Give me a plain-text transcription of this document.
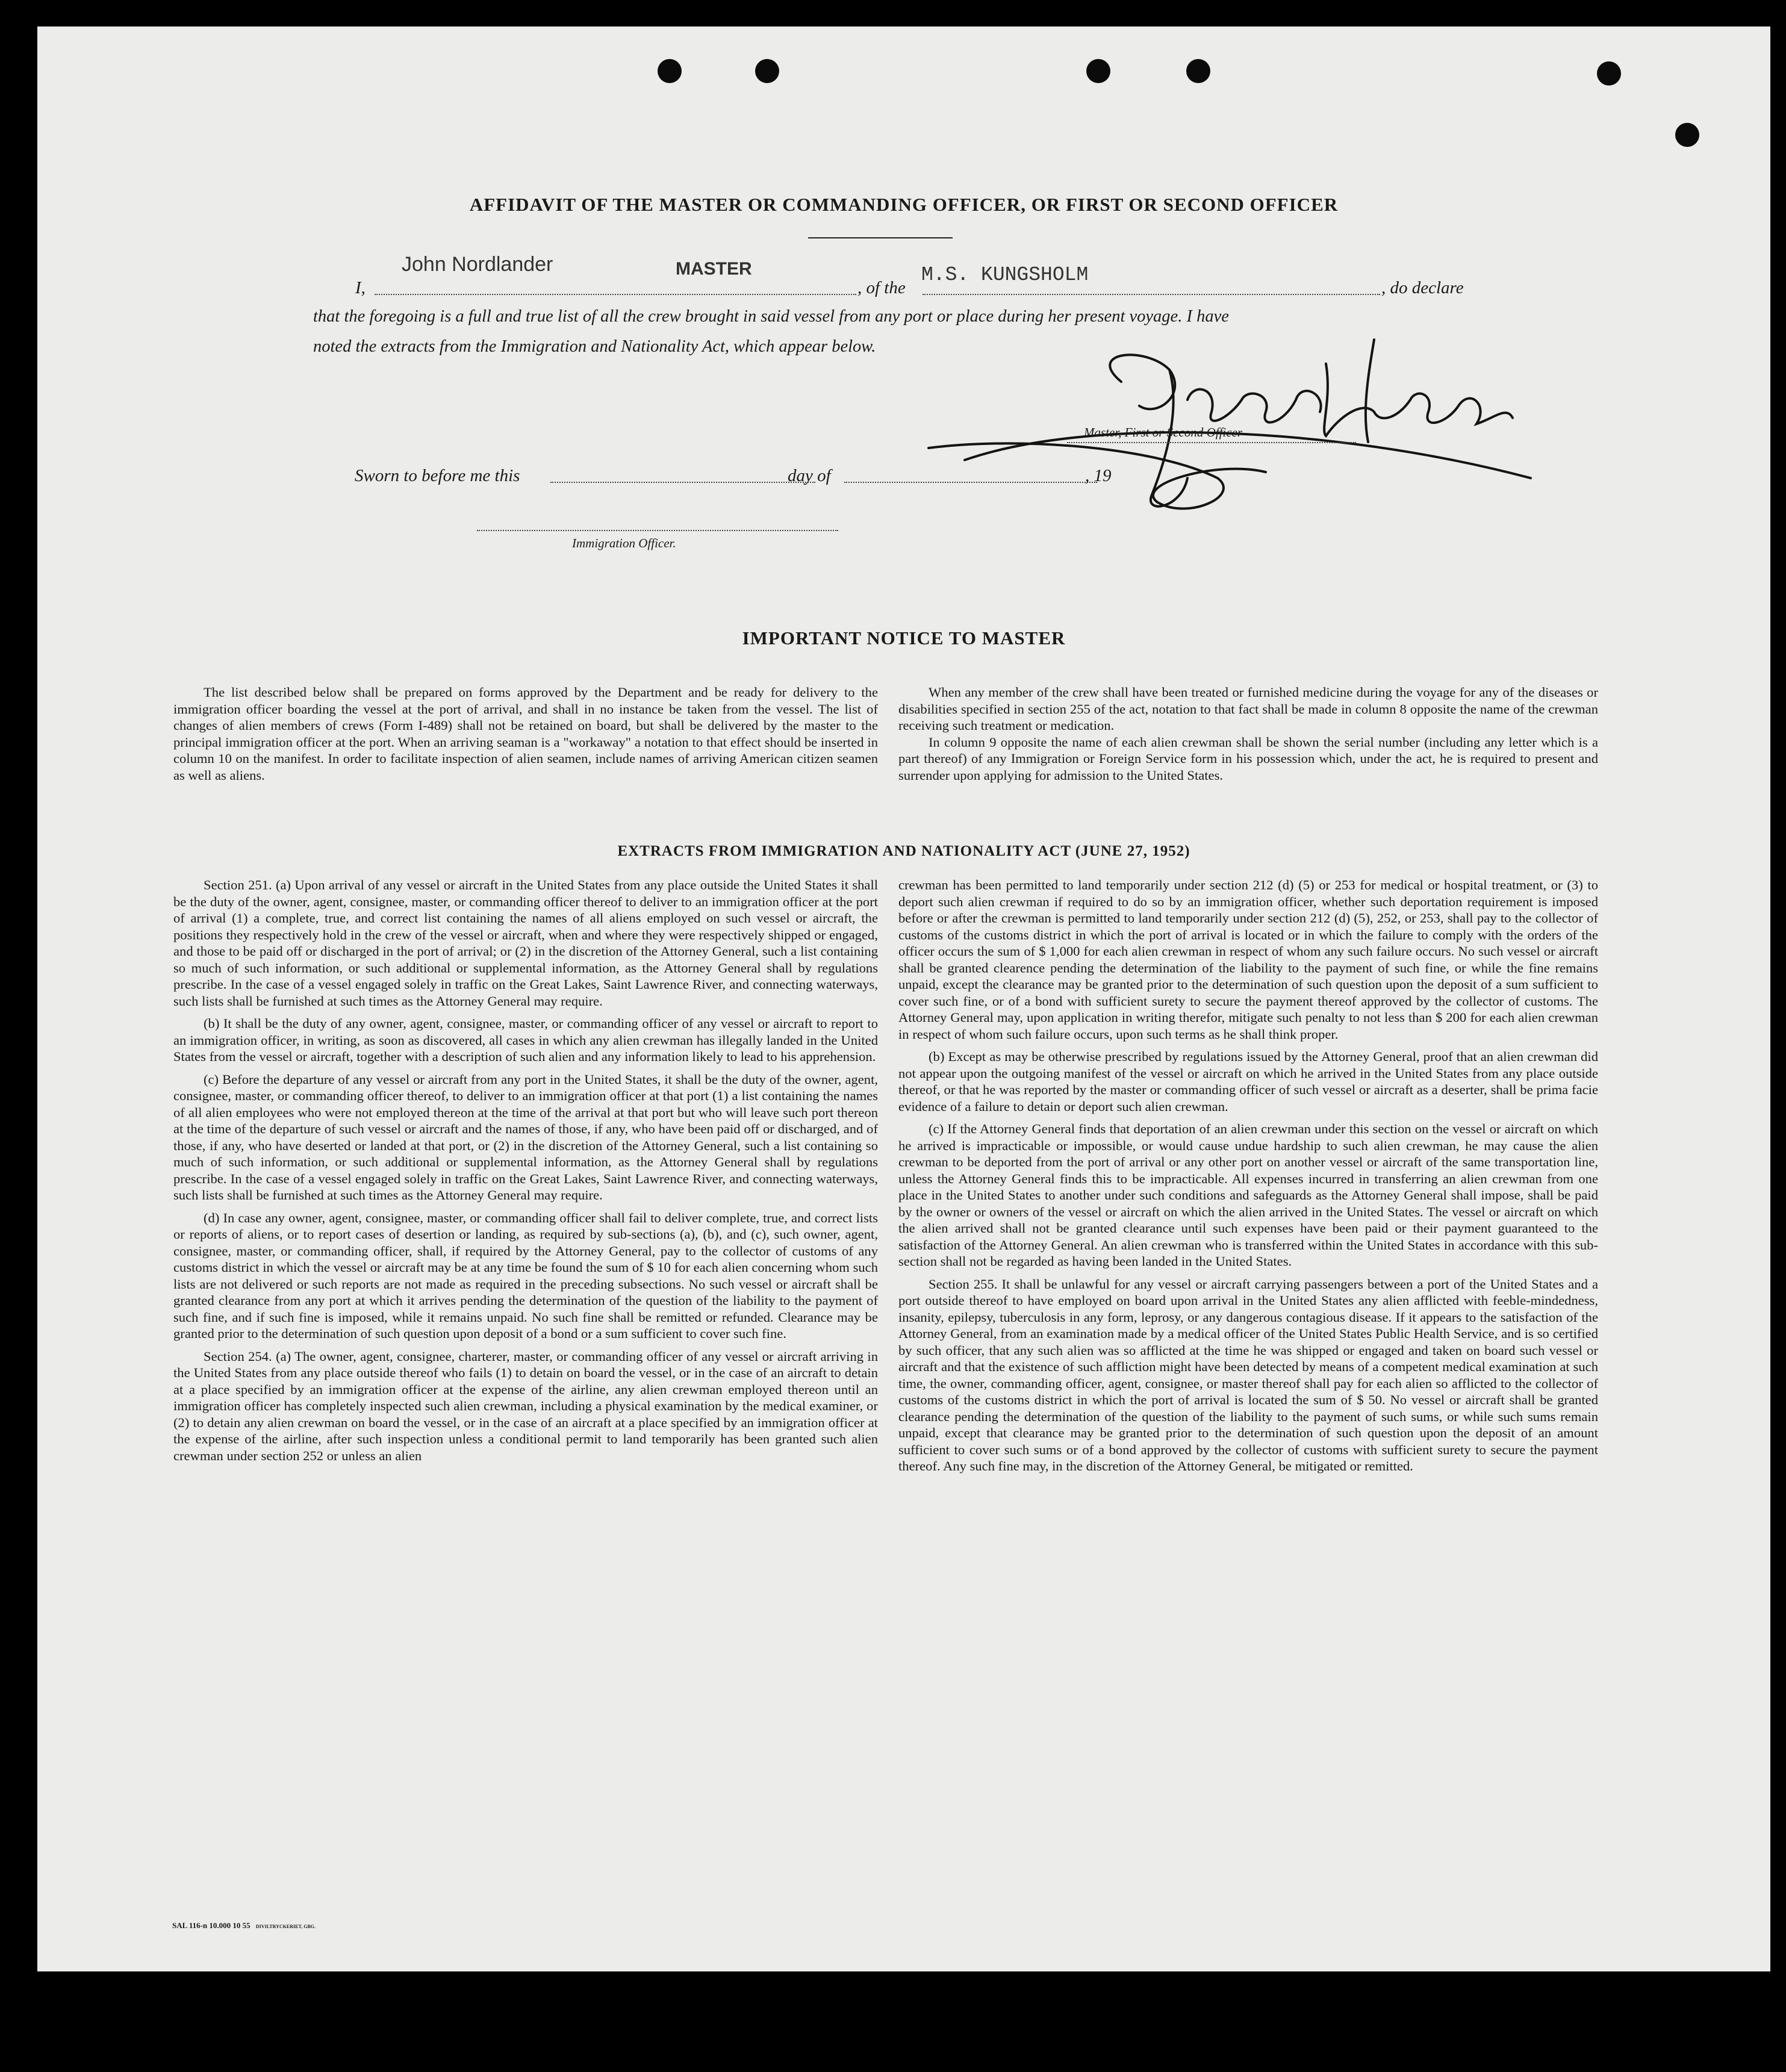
AFFIDAVIT OF THE MASTER OR COMMANDING OFFICER, OR FIRST OR SECOND OFFICER
I,
John Nordlander	MASTER
, of the
M.S. KUNGSHOLM
, do declare
that the foregoing is a full and true list of all the crew brought in said vessel from any port or place during her present voyage. I have
noted the extracts from the Immigration and Nationality Act, which appear below.
Master, First or Second Officer
Sworn to before me this	day of	, 19
Immigration Officer.
IMPORTANT NOTICE TO MASTER

The list described below shall be prepared on forms approved by the Department and be ready for delivery to the immigration officer boarding the vessel at the port of arrival, and shall in no instance be taken from the vessel. The list of changes of alien members of crews (Form I-489) shall not be retained on board, but shall be delivered by the master to the principal immigration officer at the port. When an arriving seaman is a "workaway" a notation to that effect should be inserted in column 10 on the manifest. In order to facilitate inspection of alien seamen, include names of arriving American citizen seamen as well as aliens.

When any member of the crew shall have been treated or furnished medicine during the voyage for any of the diseases or disabilities specified in section 255 of the act, notation to that fact shall be made in column 8 opposite the name of the crewman receiving such treatment or medication.

In column 9 opposite the name of each alien crewman shall be shown the serial number (including any letter which is a part thereof) of any Immigration or Foreign Service form in his possession which, under the act, he is required to present and surrender upon applying for admission to the United States.

EXTRACTS FROM IMMIGRATION AND NATIONALITY ACT (JUNE 27, 1952)

Section 251. (a) Upon arrival of any vessel or aircraft in the United States from any place outside the United States it shall be the duty of the owner, agent, consignee, master, or commanding officer thereof to deliver to an immigration officer at the port of arrival (1) a complete, true, and correct list containing the names of all aliens employed on such vessel or aircraft, the positions they respectively hold in the crew of the vessel or aircraft, when and where they were respectively shipped or engaged, and those to be paid off or discharged in the port of arrival; or (2) in the discretion of the Attorney General, such a list containing so much of such information, or such additional or supplemental information, as the Attorney General shall by regulations prescribe. In the case of a vessel engaged solely in traffic on the Great Lakes, Saint Lawrence River, and connecting waterways, such lists shall be furnished at such times as the Attorney General may require.

(b) It shall be the duty of any owner, agent, consignee, master, or commanding officer of any vessel or aircraft to report to an immigration officer, in writing, as soon as discovered, all cases in which any alien crewman has illegally landed in the United States from the vessel or aircraft, together with a description of such alien and any information likely to lead to his apprehension.

(c) Before the departure of any vessel or aircraft from any port in the United States, it shall be the duty of the owner, agent, consignee, master, or commanding officer thereof, to deliver to an immigration officer at that port (1) a list containing the names of all alien employees who were not employed thereon at the time of the arrival at that port but who will leave such port thereon at the time of the departure of such vessel or aircraft and the names of those, if any, who have been paid off or discharged, and of those, if any, who have deserted or landed at that port, or (2) in the discretion of the Attorney General, such a list containing so much of such information, or such additional or supplemental information, as the Attorney General shall by regulations prescribe. In the case of a vessel engaged solely in traffic on the Great Lakes, Saint Lawrence River, and connecting waterways, such lists shall be furnished at such times as the Attorney General may require.

(d) In case any owner, agent, consignee, master, or commanding officer shall fail to deliver complete, true, and correct lists or reports of aliens, or to report cases of desertion or landing, as required by sub-sections (a), (b), and (c), such owner, agent, consignee, master, or commanding officer, shall, if required by the Attorney General, pay to the collector of customs of any customs district in which the vessel or aircraft may be at any time be found the sum of $ 10 for each alien concerning whom such lists are not delivered or such reports are not made as required in the preceding subsections. No such vessel or aircraft shall be granted clearance from any port at which it arrives pending the determination of the question of the liability to the payment of such fine, and if such fine is imposed, while it remains unpaid. No such fine shall be remitted or refunded. Clearance may be granted prior to the determination of such question upon deposit of a bond or a sum sufficient to cover such fine.

Section 254. (a) The owner, agent, consignee, charterer, master, or commanding officer of any vessel or aircraft arriving in the United States from any place outside thereof who fails (1) to detain on board the vessel, or in the case of an aircraft to detain at a place specified by an immigration officer at the expense of the airline, any alien crewman employed thereon until an immigration officer has completely inspected such alien crewman, including a physical examination by the medical examiner, or (2) to detain any alien crewman on board the vessel, or in the case of an aircraft at a place specified by an immigration officer at the expense of the airline, after such inspection unless a conditional permit to land temporarily has been granted such alien crewman under section 252 or unless an alien

crewman has been permitted to land temporarily under section 212 (d) (5) or 253 for medical or hospital treatment, or (3) to deport such alien crewman if required to do so by an immigration officer, whether such deportation requirement is imposed before or after the crewman is permitted to land temporarily under section 212 (d) (5), 252, or 253, shall pay to the collector of customs of the customs district in which the port of arrival is located or in which the failure to comply with the orders of the officer occurs the sum of $ 1,000 for each alien crewman in respect of whom any such failure occurs. No such vessel or aircraft shall be granted clearence pending the determination of the liability to the payment of such fine, or while the fine remains unpaid, except the clearance may be granted prior to the determination of such question upon the deposit of a sum sufficient to cover such fine, or of a bond with sufficient surety to secure the payment thereof approved by the collector of customs. The Attorney General may, upon application in writing therefor, mitigate such penalty to not less than $ 200 for each alien crewman in respect of whom such failure occurs, upon such terms as he shall think proper.

(b) Except as may be otherwise prescribed by regulations issued by the Attorney General, proof that an alien crewman did not appear upon the outgoing manifest of the vessel or aircraft on which he arrived in the United States from any place outside thereof, or that he was reported by the master or commanding officer of such vessel or aircraft as a deserter, shall be prima facie evidence of a failure to detain or deport such alien crewman.

(c) If the Attorney General finds that deportation of an alien crewman under this section on the vessel or aircraft on which he arrived is impracticable or impossible, or would cause undue hardship to such alien crewman, he may cause the alien crewman to be deported from the port of arrival or any other port on another vessel or aircraft of the same transportation line, unless the Attorney General finds this to be impracticable. All expenses incurred in transferring an alien crewman from one place in the United States to another under such conditions and safeguards as the Attorney General shall impose, shall be paid by the owner or owners of the vessel or aircraft on which the alien arrived in the United States. The vessel or aircraft on which the alien arrived shall not be granted clearance until such expenses have been paid or their payment guaranteed to the satisfaction of the Attorney General. An alien crewman who is transferred within the United States in accordance with this sub-section shall not be regarded as having been landed in the United States.

Section 255. It shall be unlawful for any vessel or aircraft carrying passengers between a port of the United States and a port outside thereof to have employed on board upon arrival in the United States any alien afflicted with feeble-mindedness, insanity, epilepsy, tuberculosis in any form, leprosy, or any dangerous contagious disease. If it appears to the satisfaction of the Attorney General, from an examination made by a medical officer of the United States Public Health Service, and is so certified by such officer, that any such alien was so afflicted at the time he was shipped or engaged and taken on board such vessel or aircraft and that the existence of such affliction might have been detected by means of a competent medical examination at such time, the owner, commanding officer, agent, consignee, or master thereof shall pay for each alien so afflicted to the collector of customs of the customs district in which the port of arrival is located the sum of $ 50. No vessel or aircraft shall be granted clearance pending the determination of the question of the liability to the payment of such sums, or while such sums remain unpaid, except that clearance may be granted prior to the determination of such question upon the deposit of an amount sufficient to cover such sums or of a bond approved by the collector of customs with sufficient surety to secure the payment thereof. Any such fine may, in the discretion of the Attorney General, be mitigated or remitted.

SAL 116-n 10.000 10 55 DIVILTRYCKERIET, GBG.
